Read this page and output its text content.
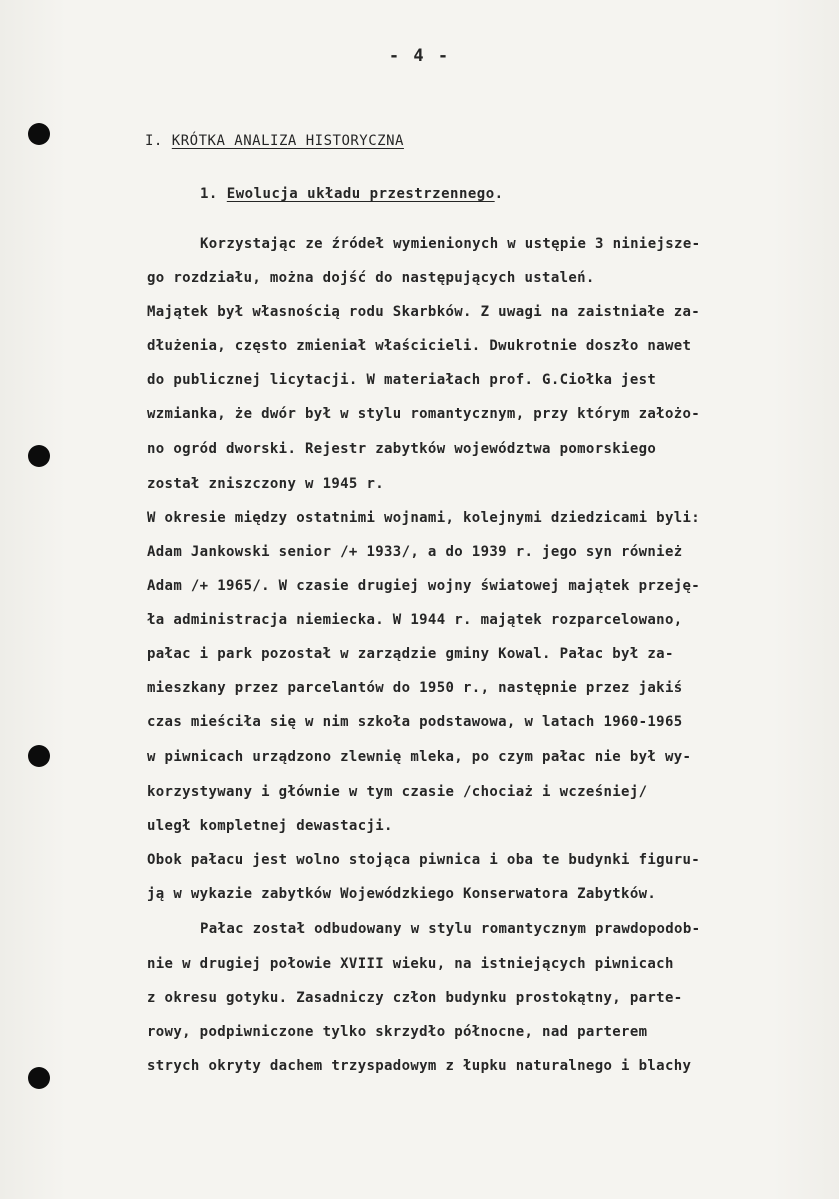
- 4 -
I. KRÓTKA ANALIZA HISTORYCZNA
1. Ewolucja układu przestrzennego.
Korzystając ze źródeł wymienionych w ustępie 3 niniejsze-
go rozdziału, można dojść do następujących ustaleń.
Majątek był własnością rodu Skarbków. Z uwagi na zaistniałe za-
dłużenia, często zmieniał właścicieli. Dwukrotnie doszło nawet
do publicznej licytacji. W materiałach prof. G.Ciołka jest
wzmianka, że dwór był w stylu romantycznym, przy którym założo-
no ogród dworski. Rejestr zabytków województwa pomorskiego
został zniszczony w 1945 r.
W okresie między ostatnimi wojnami, kolejnymi dziedzicami byli:
Adam Jankowski senior /+ 1933/, a do 1939 r. jego syn również
Adam /+ 1965/. W czasie drugiej wojny światowej majątek przeję-
ła administracja niemiecka. W 1944 r. majątek rozparcelowano,
pałac i park pozostał w zarządzie gminy Kowal. Pałac był za-
mieszkany przez parcelantów do 1950 r., następnie przez jakiś
czas mieściła się w nim szkoła podstawowa, w latach 1960-1965
w piwnicach urządzono zlewnię mleka, po czym pałac nie był wy-
korzystywany i głównie w tym czasie /chociaż i wcześniej/
uległ kompletnej dewastacji.
Obok pałacu jest wolno stojąca piwnica i oba te budynki figuru-
ją w wykazie zabytków Wojewódzkiego Konserwatora Zabytków.
Pałac został odbudowany w stylu romantycznym prawdopodob-
nie w drugiej połowie XVIII wieku, na istniejących piwnicach
z okresu gotyku. Zasadniczy człon budynku prostokątny, parte-
rowy, podpiwniczone tylko skrzydło północne, nad parterem
strych okryty dachem trzyspadowym z łupku naturalnego i blachy
